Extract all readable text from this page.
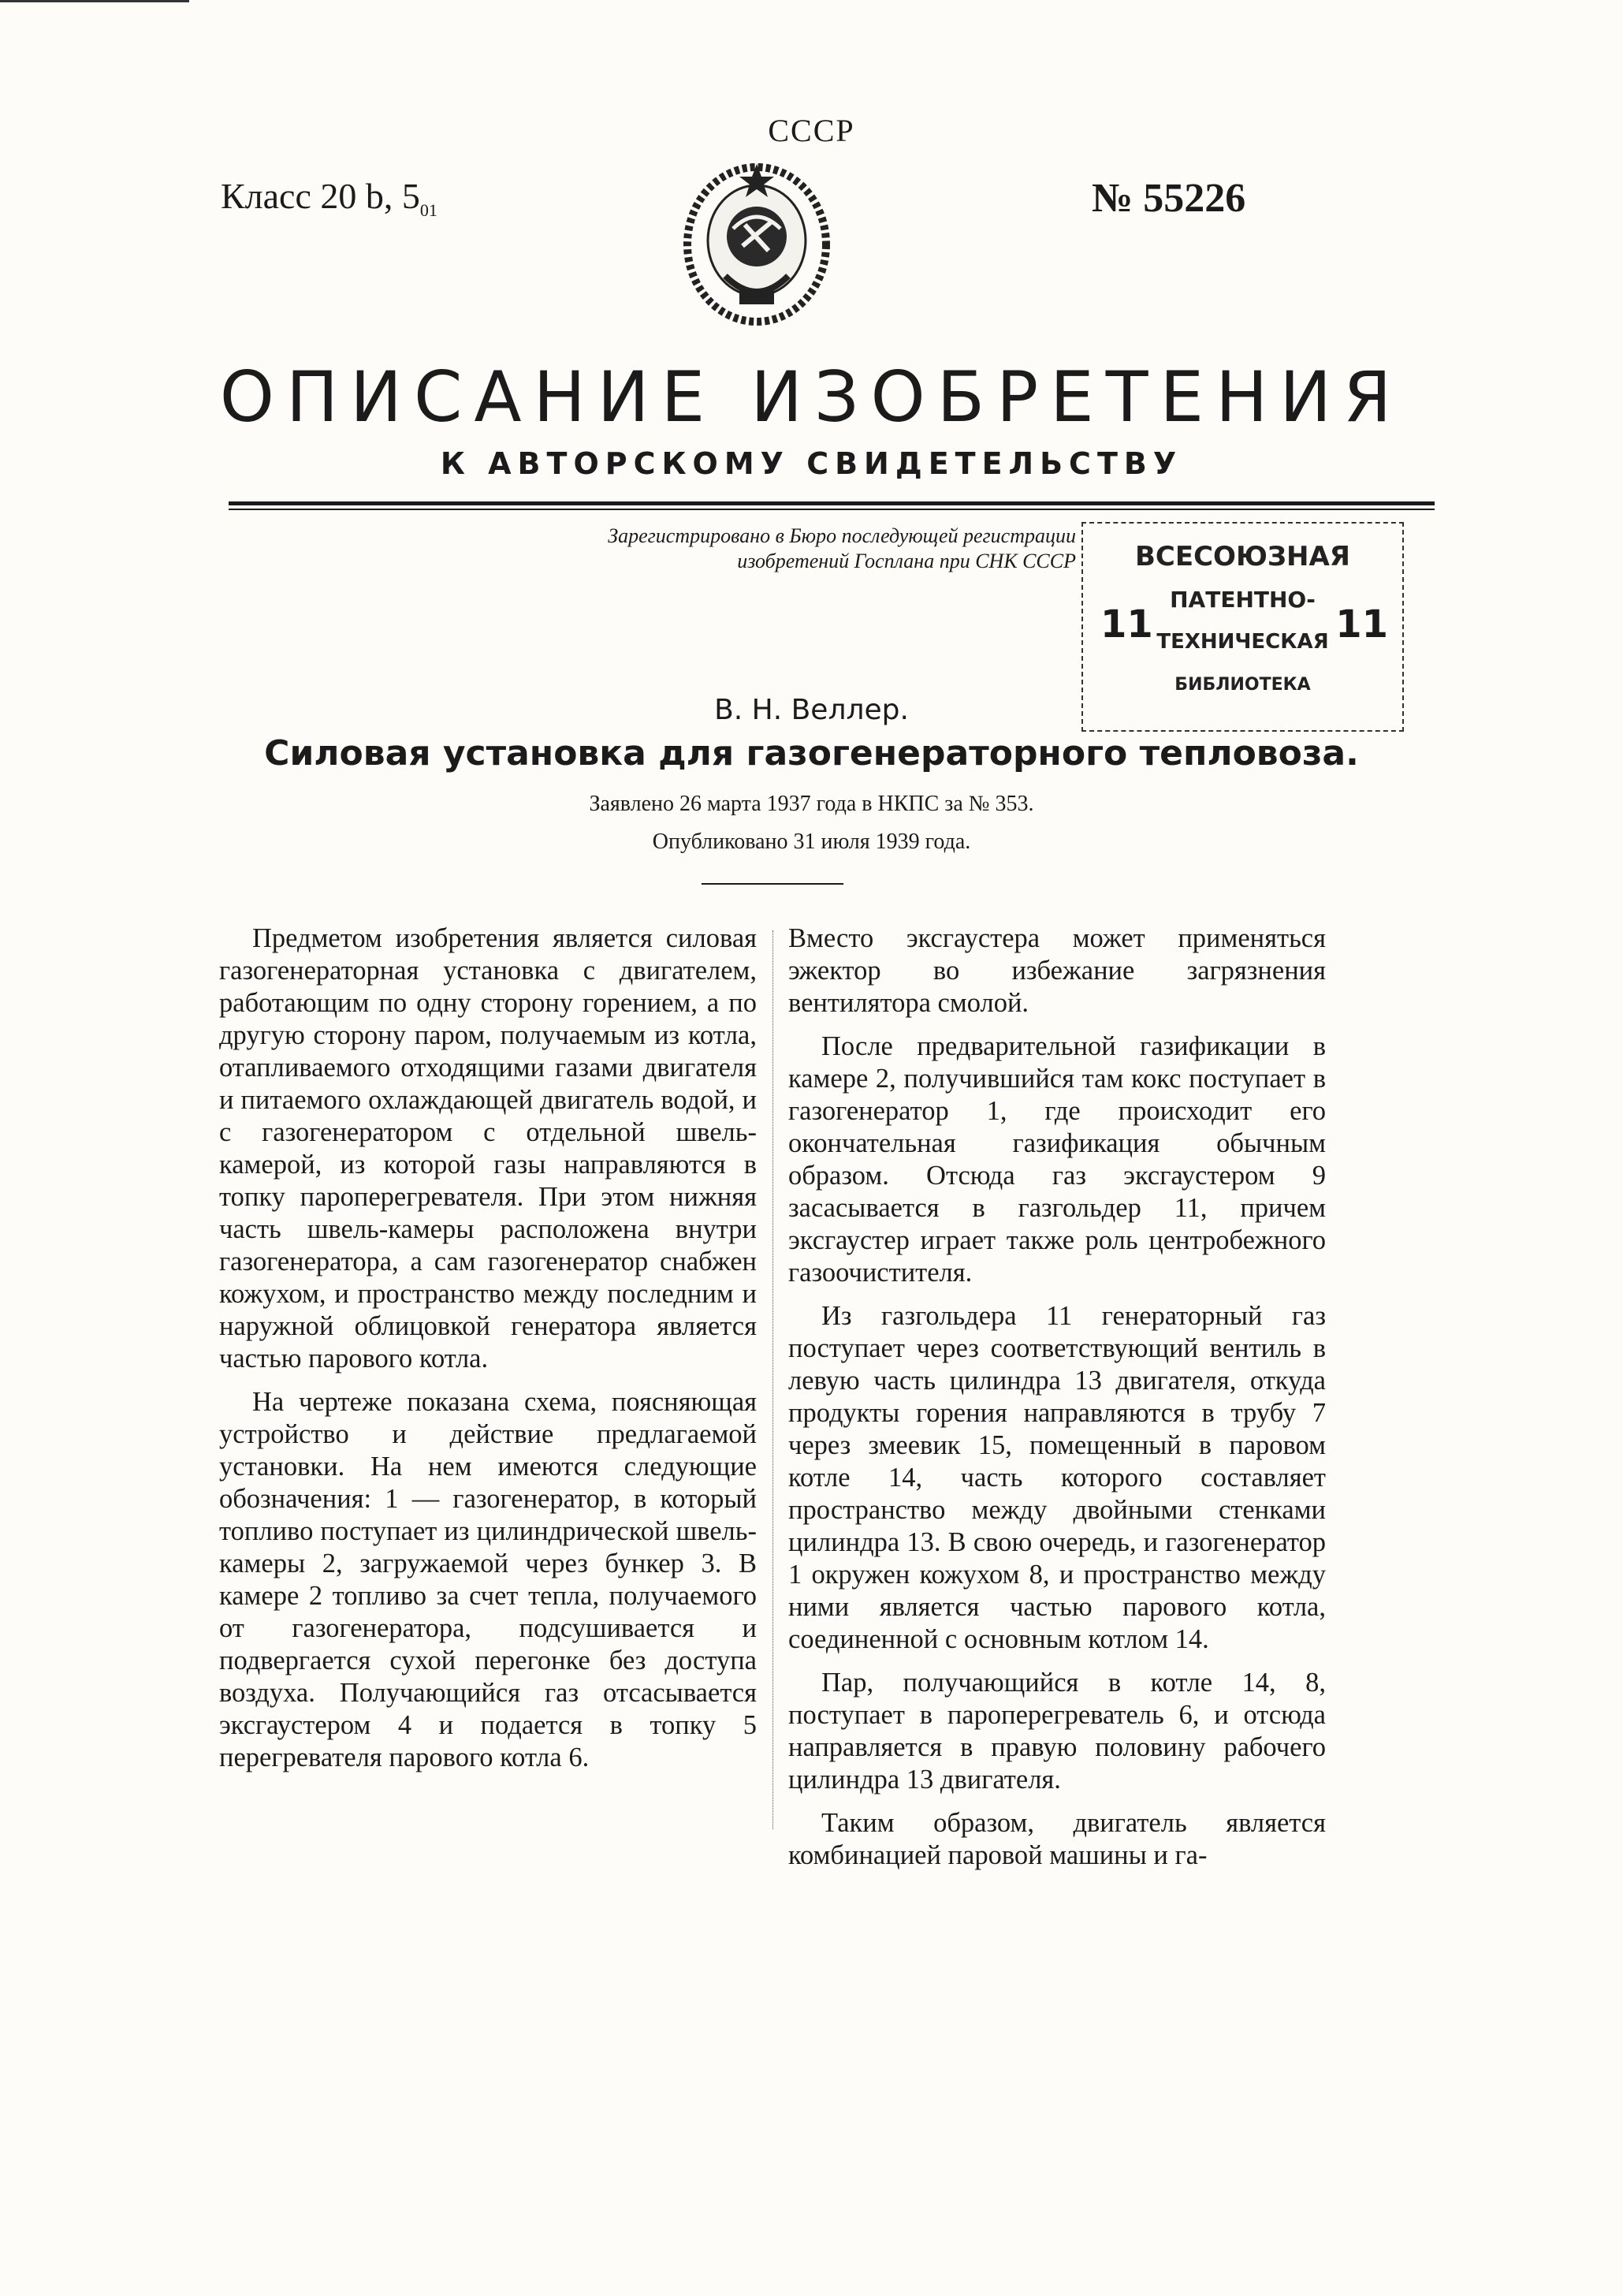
СССР
Класс 20 b, $5_{01}$	№ 55226
ОПИСАНИЕ ИЗОБРЕТЕНИЯ
К АВТОРСКОМУ СВИДЕТЕЛЬСТВУ
Зарегистрировано в Бюро последующей регистрации
изобретений Госплана при СНК СССР	ВСЕСОЮЗНАЯ
ПАТЕНТНО-
ТЕХНИЧЕСКАЯ
БИБЛИОТЕКА
11	11
В. Н. Веллер.
Силовая установка для газогенераторного тепловоза.
Заявлено 26 марта 1937 года в НКПС за № 353.
Опубликовано 31 июля 1939 года.

Предметом изобретения является силовая газогенераторная установка с двигателем, работающим по одну сторону горением, а по другую сторону паром, получаемым из котла, отапливаемого отходящими газами двигателя и питаемого охлаждающей двигатель водой, и с газогенератором с отдельной швель-камерой, из которой газы направляются в топку пароперегревателя. При этом нижняя часть швель-камеры расположена внутри газогенератора, а сам газогенератор снабжен кожухом, и пространство между последним и наружной облицовкой генератора является частью парового котла.

На чертеже показана схема, поясняющая устройство и действие предлагаемой установки. На нем имеются следующие обозначения: 1 — газогенератор, в который топливо поступает из цилиндрической швель-камеры 2, загружаемой через бункер 3. В камере 2 топливо за счет тепла, получаемого от газогенератора, подсушивается и подвергается сухой перегонке без доступа воздуха. Получающийся газ отсасывается эксгаустером 4 и подается в топку 5 перегревателя парового котла 6.

Вместо эксгаустера может применяться эжектор во избежание загрязнения вентилятора смолой.

После предварительной газификации в камере 2, получившийся там кокс поступает в газогенератор 1, где происходит его окончательная газификация обычным образом. Отсюда газ эксгаустером 9 засасывается в газгольдер 11, причем эксгаустер играет также роль центробежного газоочистителя.

Из газгольдера 11 генераторный газ поступает через соответствующий вентиль в левую часть цилиндра 13 двигателя, откуда продукты горения направляются в трубу 7 через змеевик 15, помещенный в паровом котле 14, часть которого составляет пространство между двойными стенками цилиндра 13. В свою очередь, и газогенератор 1 окружен кожухом 8, и пространство между ними является частью парового котла, соединенной с основным котлом 14.

Пар, получающийся в котле 14, 8, поступает в пароперегреватель 6, и отсюда направляется в правую половину рабочего цилиндра 13 двигателя.

Таким образом, двигатель является комбинацией паровой машины и га-
